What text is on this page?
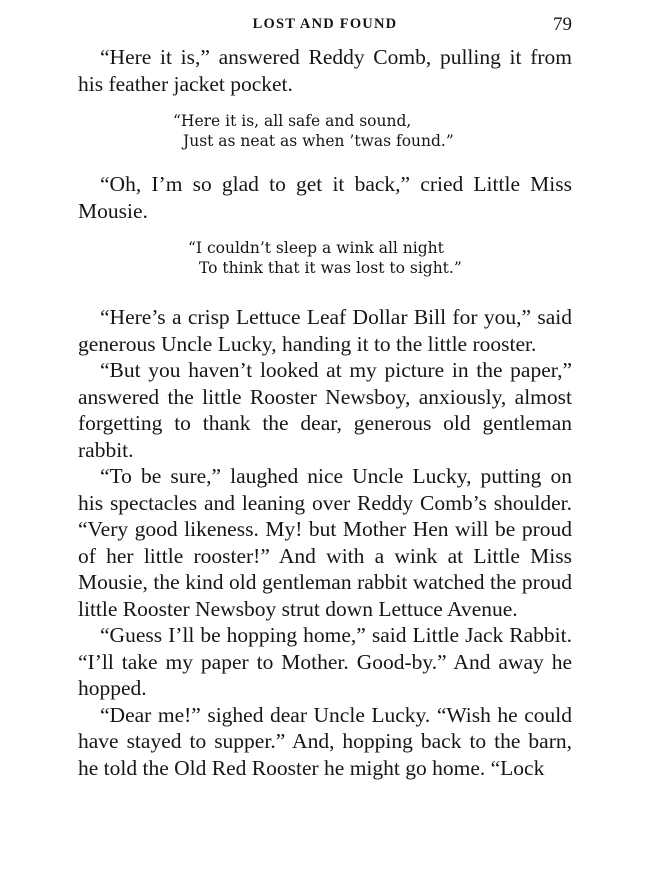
LOST AND FOUND	79

“Here it is,” answered Reddy Comb, pulling it from his feather jacket pocket.

“Here it is, all safe and sound,
Just as neat as when ’twas found.”

“Oh, I’m so glad to get it back,” cried Little Miss Mousie.

“I couldn’t sleep a wink all night
To think that it was lost to sight.”

“Here’s a crisp Lettuce Leaf Dollar Bill for you,” said generous Uncle Lucky, handing it to the little rooster.

“But you haven’t looked at my picture in the paper,” answered the little Rooster Newsboy, anxiously, almost forgetting to thank the dear, generous old gentleman rabbit.

“To be sure,” laughed nice Uncle Lucky, putting on his spectacles and leaning over Reddy Comb’s shoulder. “Very good likeness. My! but Mother Hen will be proud of her little rooster!” And with a wink at Little Miss Mousie, the kind old gentleman rabbit watched the proud little Rooster Newsboy strut down Lettuce Avenue.

“Guess I’ll be hopping home,” said Little Jack Rabbit. “I’ll take my paper to Mother. Good-by.” And away he hopped.

“Dear me!” sighed dear Uncle Lucky. “Wish he could have stayed to supper.” And, hopping back to the barn, he told the Old Red Rooster he might go home. “Lock
